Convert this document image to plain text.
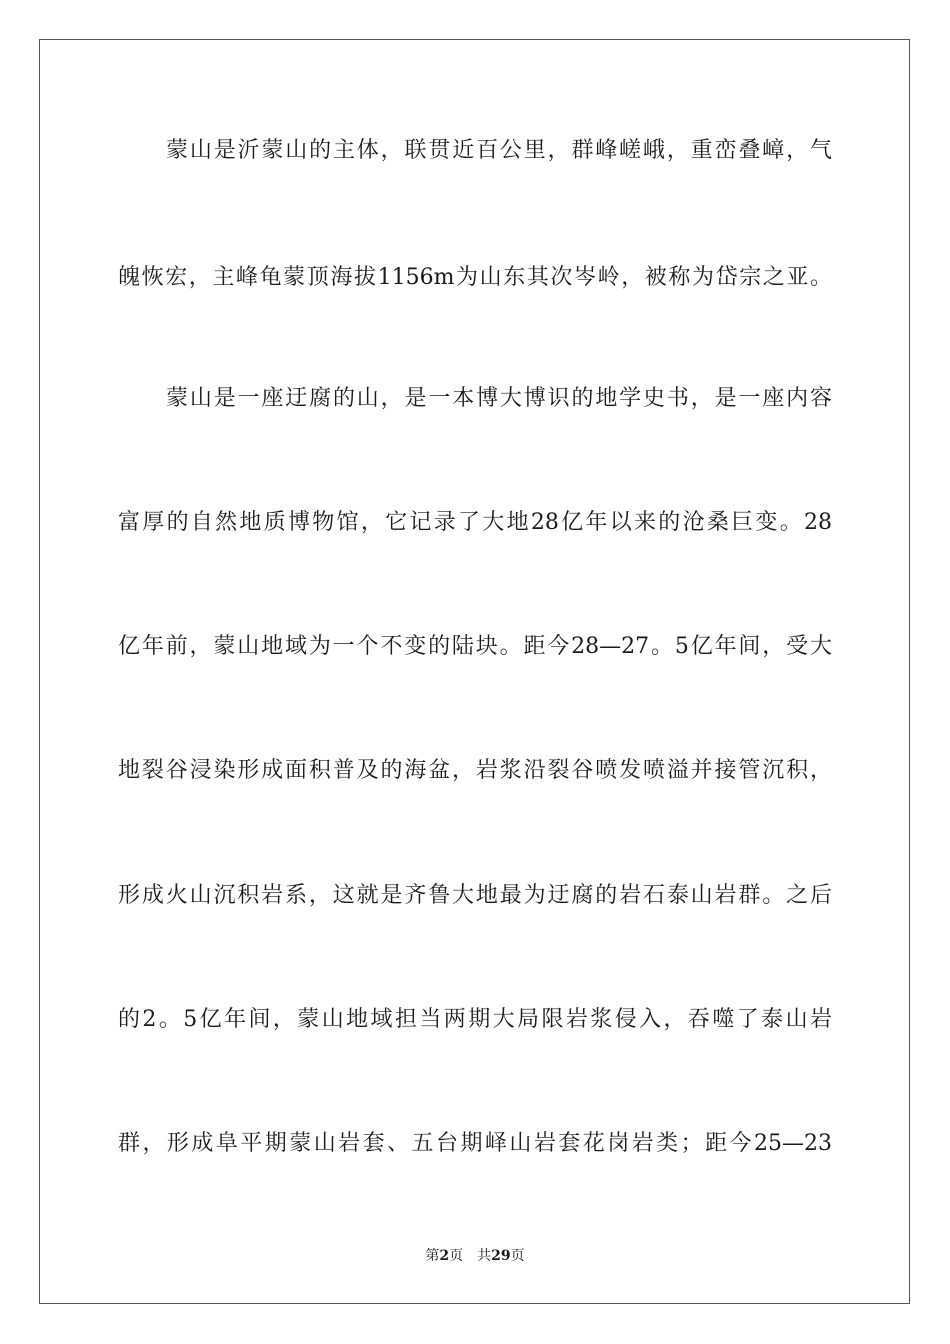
蒙山是沂蒙山的主体，联贯近百公里，群峰嵯峨，重峦叠嶂，气
魄恢宏，主峰龟蒙顶海拔1156m为山东其次岑岭，被称为岱宗之亚。
蒙山是一座迂腐的山，是一本博大博识的地学史书，是一座内容
富厚的自然地质博物馆，它记录了大地28亿年以来的沧桑巨变。28
亿年前，蒙山地域为一个不变的陆块。距今28—27。5亿年间，受大
地裂谷浸染形成面积普及的海盆，岩浆沿裂谷喷发喷溢并接管沉积，
形成火山沉积岩系，这就是齐鲁大地最为迂腐的岩石泰山岩群。之后
的2。5亿年间，蒙山地域担当两期大局限岩浆侵入，吞噬了泰山岩
群，形成阜平期蒙山岩套、五台期峄山岩套花岗岩类；距今25—23
第2页　共29页
